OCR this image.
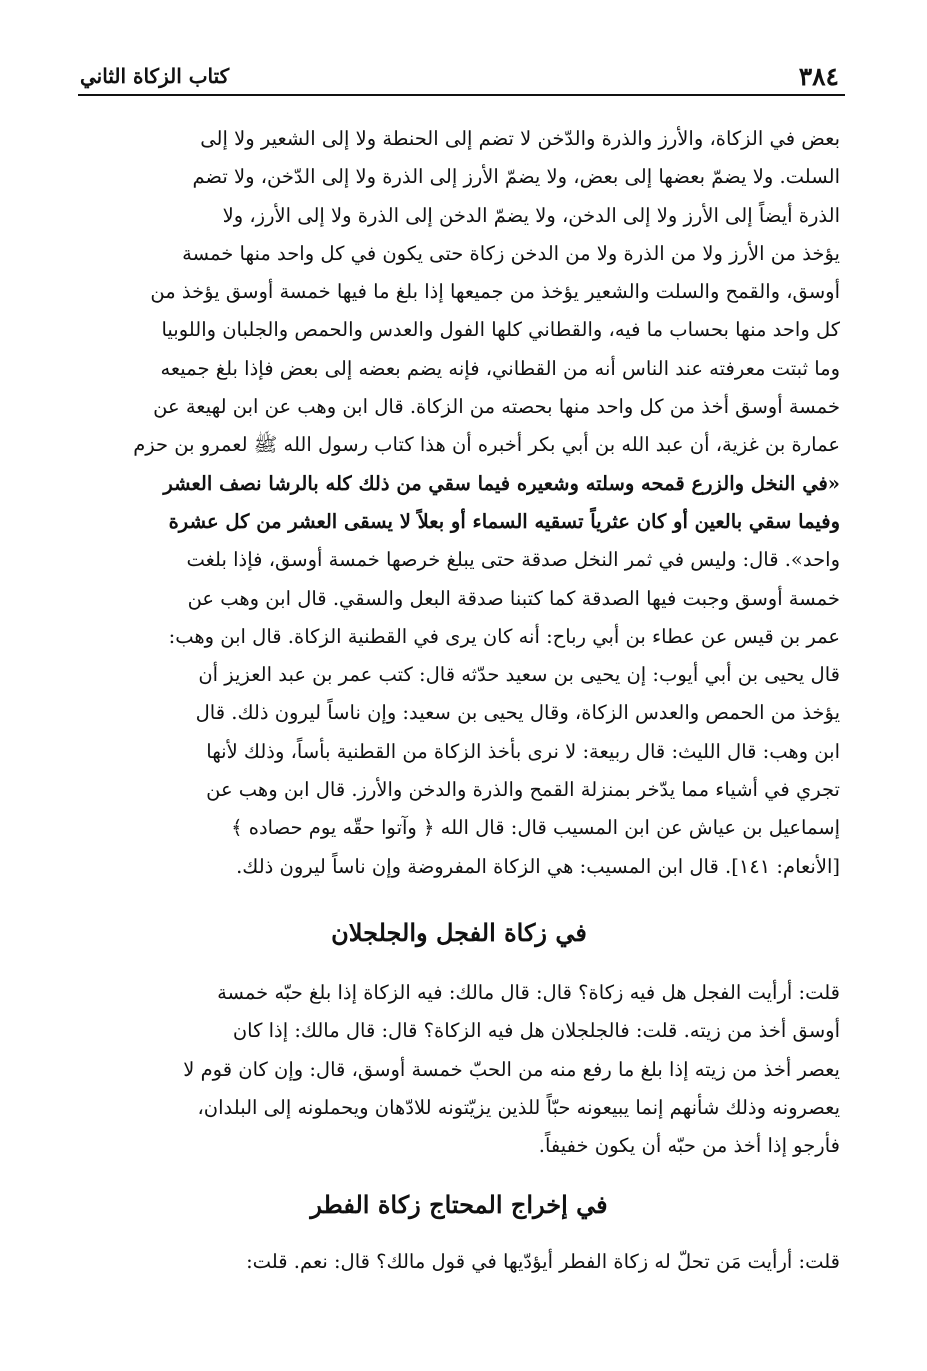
٣٨٤
كتاب الزكاة الثاني
بعض في الزكاة، والأرز والذرة والدّخن لا تضم إلى الحنطة ولا إلى الشعير ولا إلى
السلت. ولا يضمّ بعضها إلى بعض، ولا يضمّ الأرز إلى الذرة ولا إلى الدّخن، ولا تضم
الذرة أيضاً إلى الأرز ولا إلى الدخن، ولا يضمّ الدخن إلى الذرة ولا إلى الأرز، ولا
يؤخذ من الأرز ولا من الذرة ولا من الدخن زكاة حتى يكون في كل واحد منها خمسة
أوسق، والقمح والسلت والشعير يؤخذ من جميعها إذا بلغ ما فيها خمسة أوسق يؤخذ من
كل واحد منها بحساب ما فيه، والقطاني كلها الفول والعدس والحمص والجلبان واللوبيا
وما ثبتت معرفته عند الناس أنه من القطاني، فإنه يضم بعضه إلى بعض فإذا بلغ جميعه
خمسة أوسق أخذ من كل واحد منها بحصته من الزكاة. قال ابن وهب عن ابن لهيعة عن
عمارة بن غزية، أن عبد الله بن أبي بكر أخبره أن هذا كتاب رسول الله ﷺ لعمرو بن حزم
«في النخل والزرع قمحه وسلته وشعيره فيما سقي من ذلك كله بالرشا نصف العشر
وفيما سقي بالعين أو كان عثرياً تسقيه السماء أو بعلاً لا يسقى العشر من كل عشرة
واحد». قال: وليس في ثمر النخل صدقة حتى يبلغ خرصها خمسة أوسق، فإذا بلغت
خمسة أوسق وجبت فيها الصدقة كما كتبنا صدقة البعل والسقي. قال ابن وهب عن
عمر بن قيس عن عطاء بن أبي رباح: أنه كان يرى في القطنية الزكاة. قال ابن وهب:
قال يحيى بن أبي أيوب: إن يحيى بن سعيد حدّثه قال: كتب عمر بن عبد العزيز أن
يؤخذ من الحمص والعدس الزكاة، وقال يحيى بن سعيد: وإن ناساً ليرون ذلك. قال
ابن وهب: قال الليث: قال ربيعة: لا نرى بأخذ الزكاة من القطنية بأساً، وذلك لأنها
تجري في أشياء مما يدّخر بمنزلة القمح والذرة والدخن والأرز. قال ابن وهب عن
إسماعيل بن عياش عن ابن المسيب قال: قال الله ﴿ وآتوا حقّه يوم حصاده ﴾
[الأنعام: ١٤١]. قال ابن المسيب: هي الزكاة المفروضة وإن ناساً ليرون ذلك.
في زكاة الفجل والجلجلان
قلت: أرأيت الفجل هل فيه زكاة؟ قال: قال مالك: فيه الزكاة إذا بلغ حبّه خمسة
أوسق أخذ من زيته. قلت: فالجلجلان هل فيه الزكاة؟ قال: قال مالك: إذا كان
يعصر أخذ من زيته إذا بلغ ما رفع منه من الحبّ خمسة أوسق، قال: وإن كان قوم لا
يعصرونه وذلك شأنهم إنما يبيعونه حبّاً للذين يزيّتونه للادّهان ويحملونه إلى البلدان،
فأرجو إذا أخذ من حبّه أن يكون خفيفاً.
في إخراج المحتاج زكاة الفطر
قلت: أرأيت مَن تحلّ له زكاة الفطر أيؤدّيها في قول مالك؟ قال: نعم. قلت:
